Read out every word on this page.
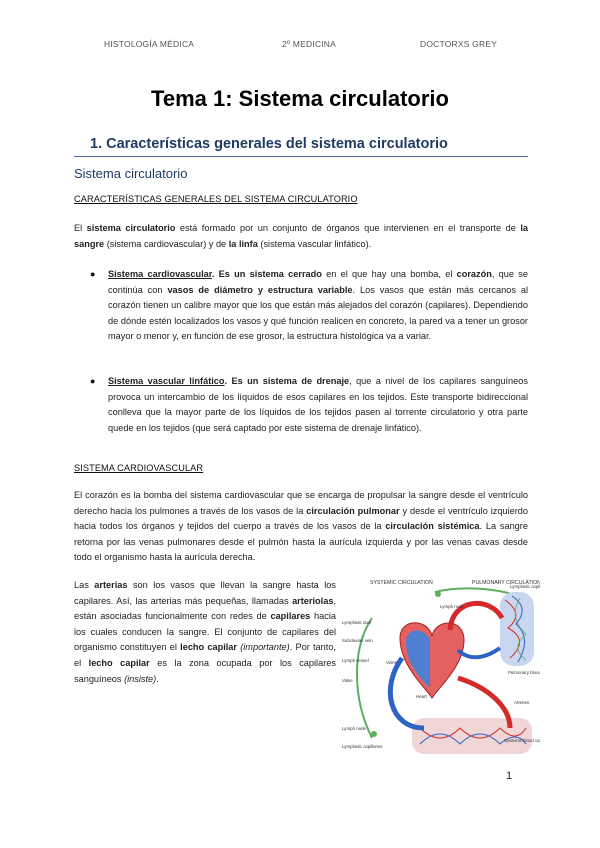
HISTOLOGÍA MÉDICA	2º MEDICINA	DOCTORXS GREY
Tema 1: Sistema circulatorio
1. Características generales del sistema circulatorio
Sistema circulatorio
CARACTERÍSTICAS GENERALES DEL SISTEMA CIRCULATORIO
El sistema circulatorio está formado por un conjunto de órganos que intervienen en el transporte de la sangre (sistema cardiovascular) y de la linfa (sistema vascular linfático).
● Sistema cardiovascular. Es un sistema cerrado en el que hay una bomba, el corazón, que se continúa con vasos de diámetro y estructura variable. Los vasos que están más cercanos al corazón tienen un calibre mayor que los que están más alejados del corazón (capilares). Dependiendo de dónde estén localizados los vasos y qué función realicen en concreto, la pared va a tener un grosor mayor o menor y, en función de ese grosor, la estructura histológica va a variar.
● Sistema vascular linfático. Es un sistema de drenaje, que a nivel de los capilares sanguíneos provoca un intercambio de los líquidos de esos capilares en los tejidos. Este transporte bidireccional conlleva que la mayor parte de los líquidos de los tejidos pasen al torrente circulatorio y otra parte quede en los tejidos (que será captado por este sistema de drenaje linfático).
SISTEMA CARDIOVASCULAR
El corazón es la bomba del sistema cardiovascular que se encarga de propulsar la sangre desde el ventrículo derecho hacia los pulmones a través de los vasos de la circulación pulmonar y desde el ventrículo izquierdo hacia todos los órganos y tejidos del cuerpo a través de los vasos de la circulación sistémica. La sangre retorna por las venas pulmonares desde el pulmón hasta la aurícula izquierda y por las venas cavas desde todo el organismo hasta la aurícula derecha.
Las arterias son los vasos que llevan la sangre hasta los capilares. Así, las arterias más pequeñas, llamadas arteriolas, están asociadas funcionalmente con redes de capilares hacia los cuales conducen la sangre. El conjunto de capilares del organismo constituyen el lecho capilar (importante). Por tanto, el lecho capilar es la zona ocupada por los capilares sanguíneos (insiste).
SYSTEMIC CIRCULATION	PULMONARY CIRCULATION
Lymph node
Lymphatic capil
Lymphatic duct
Subclavian vein
Lymph vessel
Valve
Veins
Heart
Pulmonary blood
Arteries
Lymph node
Lymphatic capillaries
Systemic blood ca
1
